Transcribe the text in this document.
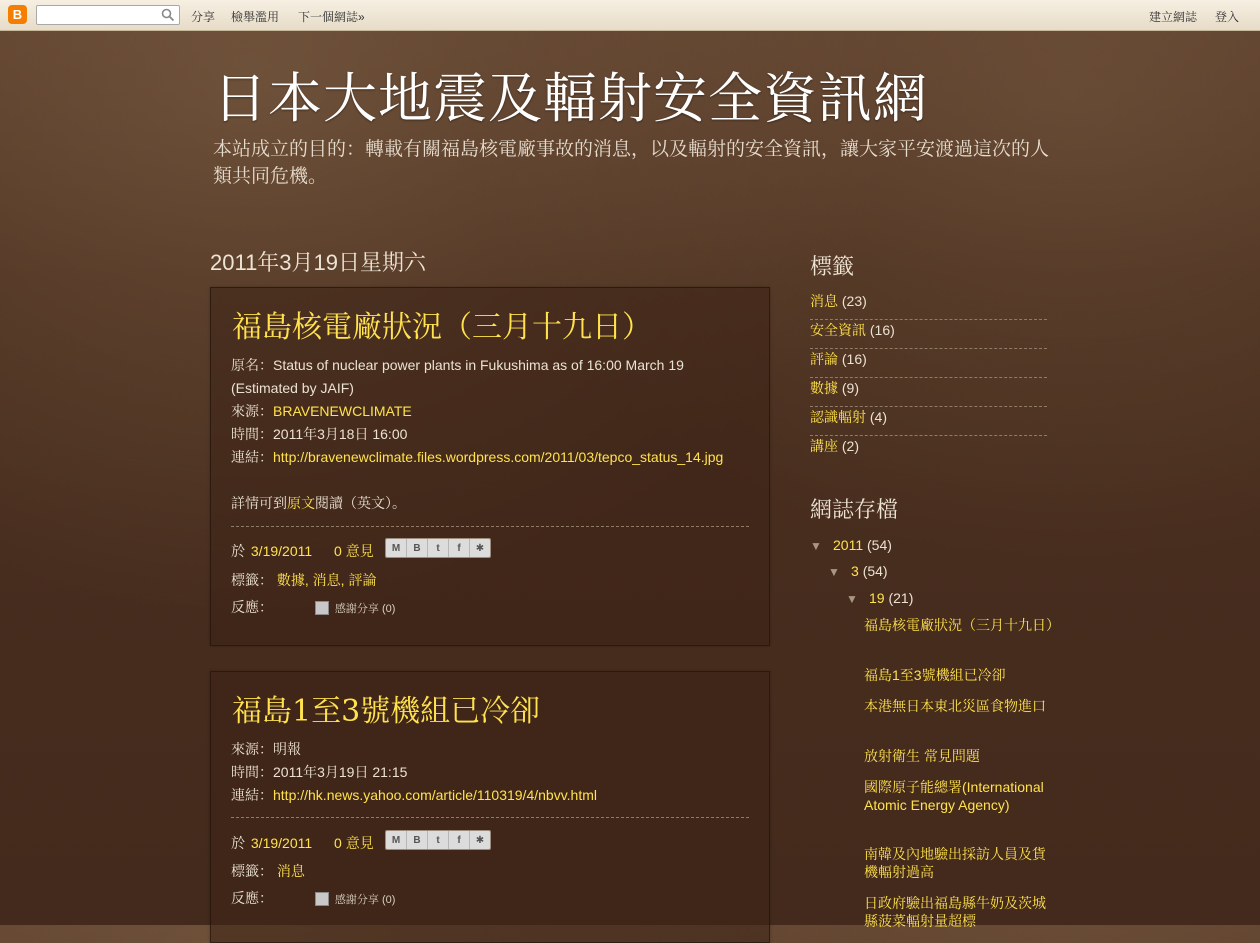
B	分享 檢舉濫用 下一個網誌»	建立網誌 登入
日本大地震及輻射安全資訊網
本站成立的目的：轉載有關福島核電廠事故的消息，以及輻射的安全資訊，讓大家平安渡過這次的人類共同危機。
2011年3月19日星期六
福島核電廠狀況（三月十九日）
原名：Status of nuclear power plants in Fukushima as of 16:00 March 19
(Estimated by JAIF)
來源：BRAVENEWCLIMATE
時間：2011年3月18日 16:00
連結：http://bravenewclimate.files.wordpress.com/2011/03/tepco_status_14.jpg
詳情可到原文閱讀（英文）。
於 3/19/2011 0 意見	M	B	t	f	✱
標籤： 數據, 消息, 評論
反應：	感謝分享 (0)
福島1至3號機組已冷卻
來源：明報
時間：2011年3月19日 21:15
連結：http://hk.news.yahoo.com/article/110319/4/nbvv.html
於 3/19/2011 0 意見	M	B	t	f	✱
標籤： 消息
反應：	感謝分享 (0)
標籤
消息 (23)
安全資訊 (16)
評論 (16)
數據 (9)
認識輻射 (4)
講座 (2)
網誌存檔
▼ 2011 (54)
▼ 3 (54)
▼ 19 (21)
福島核電廠狀況（三月十九日）
福島1至3號機組已冷卻
本港無日本東北災區食物進口
放射衛生 常見問題
國際原子能總署(International Atomic Energy Agency)
南韓及內地驗出採訪人員及貨機輻射過高
日政府驗出福島縣牛奶及茨城縣菠菜輻射量超標
